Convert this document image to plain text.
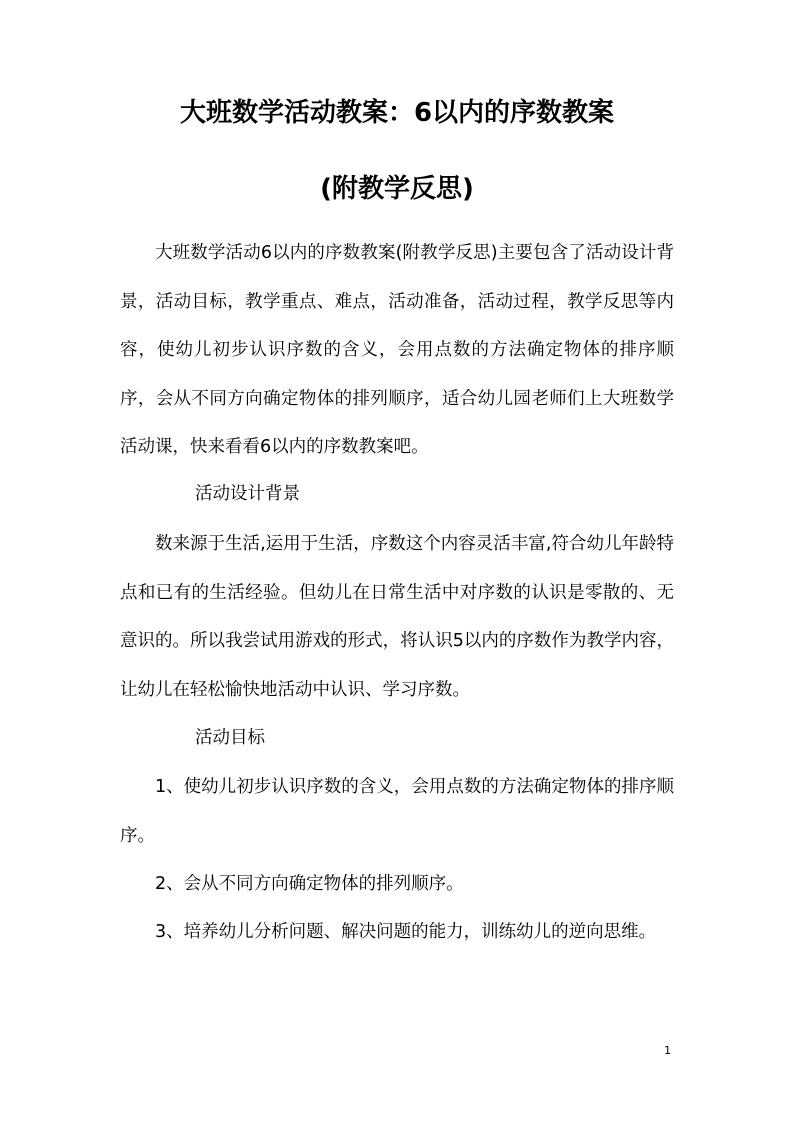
大班数学活动教案：6以内的序数教案
(附教学反思)

大班数学活动6以内的序数教案(附教学反思)主要包含了活动设计背景，活动目标，教学重点、难点，活动准备，活动过程，教学反思等内容，使幼儿初步认识序数的含义，会用点数的方法确定物体的排序顺序，会从不同方向确定物体的排列顺序，适合幼儿园老师们上大班数学活动课，快来看看6以内的序数教案吧。

活动设计背景

数来源于生活,运用于生活，序数这个内容灵活丰富,符合幼儿年龄特点和已有的生活经验。但幼儿在日常生活中对序数的认识是零散的、无意识的。所以我尝试用游戏的形式，将认识5以内的序数作为教学内容，让幼儿在轻松愉快地活动中认识、学习序数。

活动目标

1、使幼儿初步认识序数的含义，会用点数的方法确定物体的排序顺序。

2、会从不同方向确定物体的排列顺序。

3、培养幼儿分析问题、解决问题的能力，训练幼儿的逆向思维。

1
